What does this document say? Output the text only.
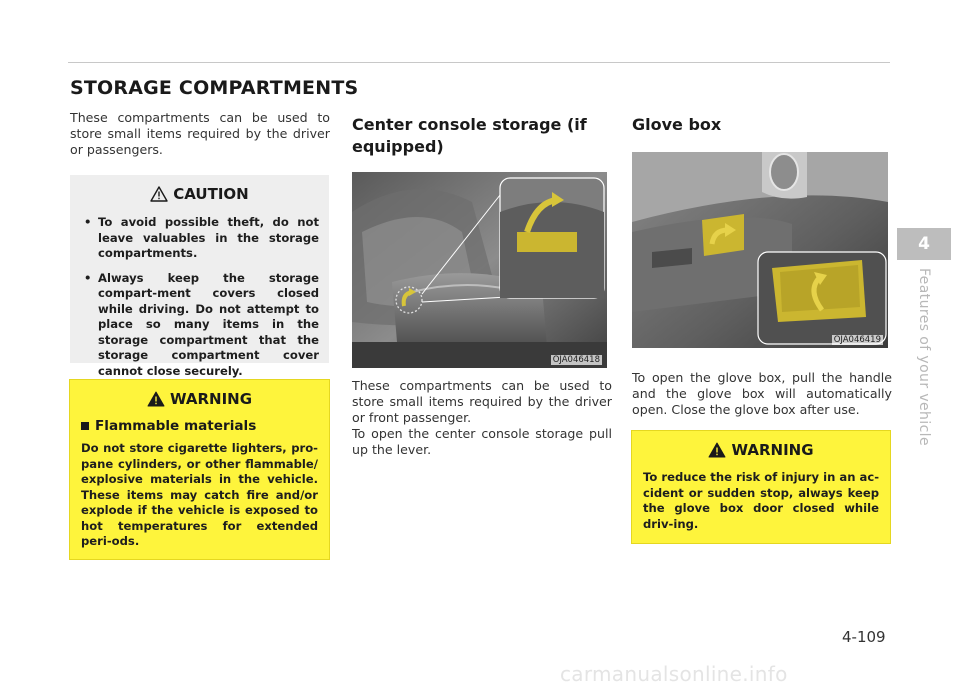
STORAGE COMPARTMENTS
These compartments can be used to store small items required by the driver or passengers.
CAUTION
• To avoid possible theft, do not leave valuables in the storage compartments.
• Always keep the storage compart-ment covers closed while driving. Do not attempt to place so many items in the storage compartment that the storage compartment cover cannot close securely.
WARNING
Flammable materials

Do not store cigarette lighters, pro-pane cylinders, or other flammable/ explosive materials in the vehicle. These items may catch fire and/or explode if the vehicle is exposed to hot temperatures for extended peri-ods.

Center console storage (if equipped)
OJA046418

These compartments can be used to store small items required by the driver or front passenger.

To open the center console storage pull up the lever.

Glove box
OJA046419
To open the glove box, pull the handle and the glove box will automatically open. Close the glove box after use.
WARNING

To reduce the risk of injury in an ac-cident or sudden stop, always keep the glove box door closed while driv-ing.

4
Features of your vehicle
4-109
carmanualsonline.info
